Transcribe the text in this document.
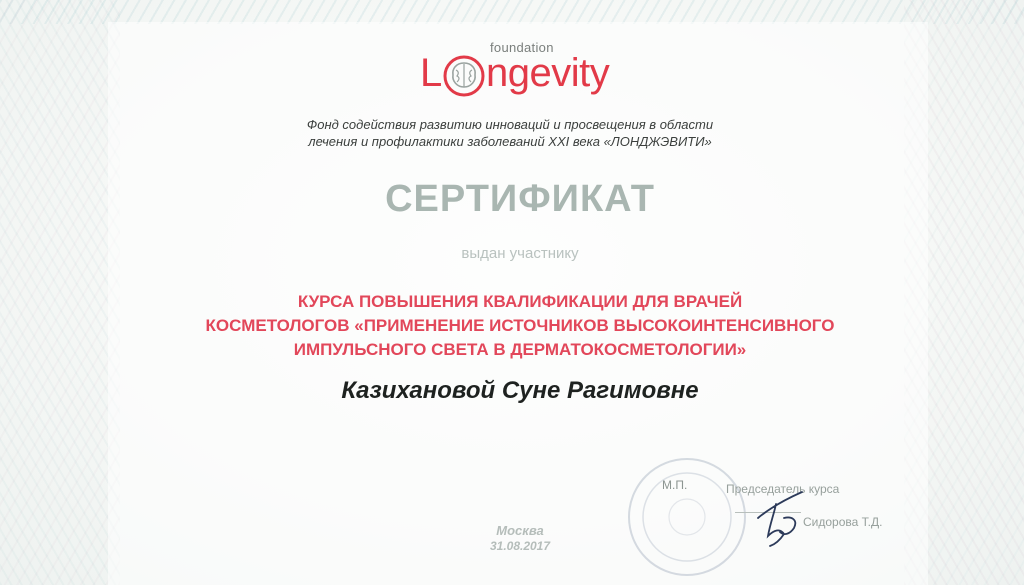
foundation
L ngevity

Фонд содействия развитию инноваций и просвещения в области
лечения и профилактики заболеваний XXI века «ЛОНДЖЭВИТИ»

СЕРТИФИКАТ
выдан участнику

КУРСА ПОВЫШЕНИЯ КВАЛИФИКАЦИИ ДЛЯ ВРАЧЕЙ
КОСМЕТОЛОГОВ «ПРИМЕНЕНИЕ ИСТОЧНИКОВ ВЫСОКОИНТЕНСИВНОГО
ИМПУЛЬСНОГО СВЕТА В ДЕРМАТОКОСМЕТОЛОГИИ»

Казихановой Суне Рагимовне
М.П.	Председатель курса
Сидорова Т.Д.
Москва
31.08.2017
